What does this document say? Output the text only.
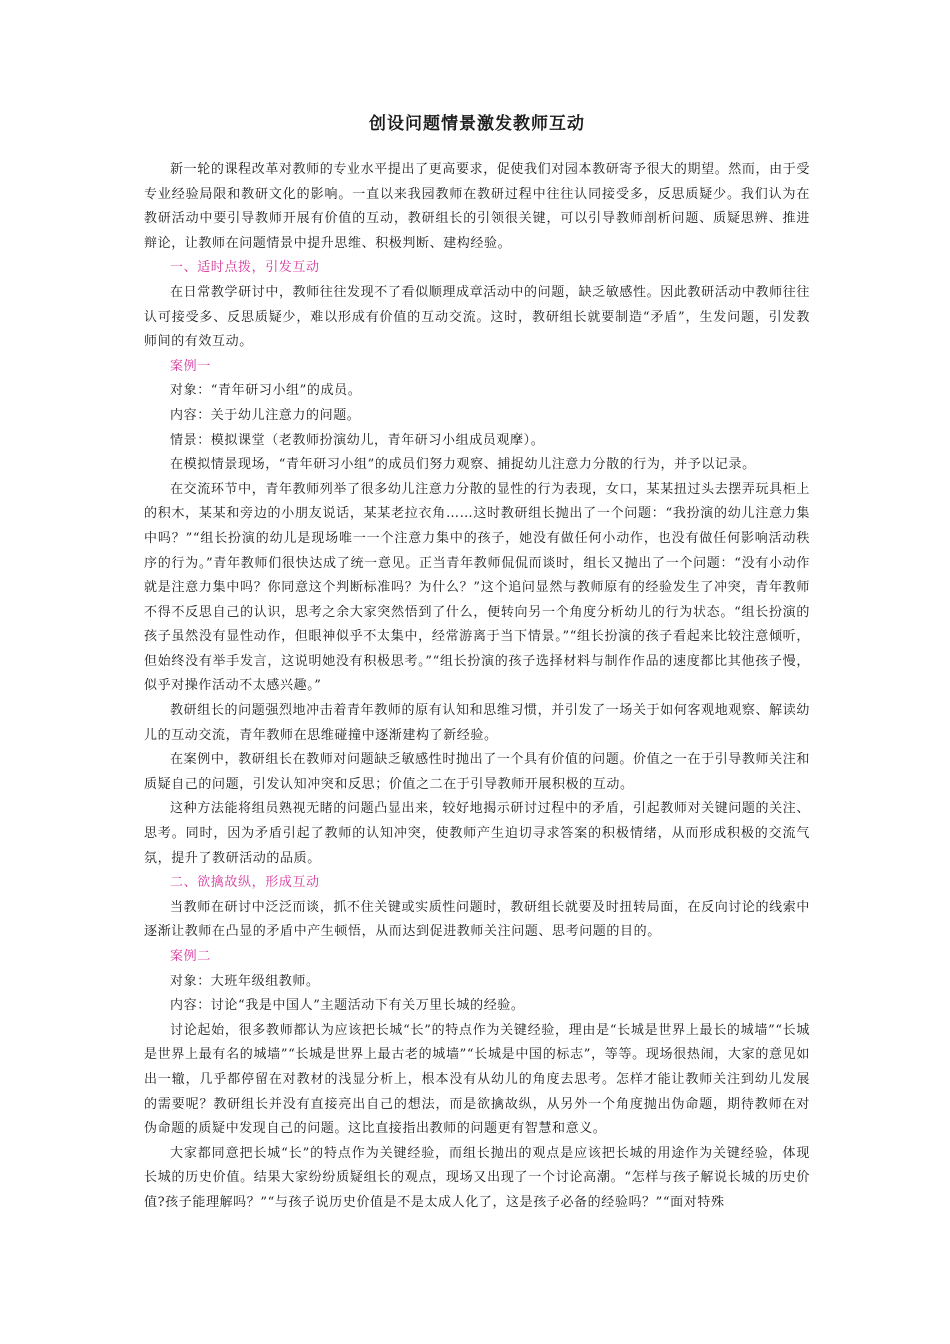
创设问题情景激发教师互动

新一轮的课程改革对教师的专业水平提出了更高要求，促使我们对园本教研寄予很大的期望。然而，由于受专业经验局限和教研文化的影响。一直以来我园教师在教研过程中往往认同接受多，反思质疑少。我们认为在教研活动中要引导教师开展有价值的互动，教研组长的引领很关键，可以引导教师剖析问题、质疑思辨、推进辩论，让教师在问题情景中提升思维、积极判断、建构经验。

一、适时点拨，引发互动

在日常教学研讨中，教师往往发现不了看似顺理成章活动中的问题，缺乏敏感性。因此教研活动中教师往往认可接受多、反思质疑少，难以形成有价值的互动交流。这时，教研组长就要制造“矛盾”，生发问题，引发教师间的有效互动。

案例一

对象：“青年研习小组”的成员。

内容：关于幼儿注意力的问题。

情景：模拟课堂（老教师扮演幼儿，青年研习小组成员观摩）。

在模拟情景现场，“青年研习小组”的成员们努力观察、捕捉幼儿注意力分散的行为，并予以记录。

在交流环节中，青年教师列举了很多幼儿注意力分散的显性的行为表现，女口，某某扭过头去摆弄玩具柜上的积木，某某和旁边的小朋友说话，某某老拉衣角……这时教研组长抛出了一个问题：“我扮演的幼儿注意力集中吗？”“组长扮演的幼儿是现场唯一一个注意力集中的孩子，她没有做任何小动作，也没有做任何影响活动秩序的行为。”青年教师们很快达成了统一意见。正当青年教师侃侃而谈时，组长又抛出了一个问题：“没有小动作就是注意力集中吗？你同意这个判断标准吗？为什么？”这个追问显然与教师原有的经验发生了冲突，青年教师不得不反思自己的认识，思考之余大家突然悟到了什么，便转向另一个角度分析幼儿的行为状态。“组长扮演的孩子虽然没有显性动作，但眼神似乎不太集中，经常游离于当下情景。”“组长扮演的孩子看起来比较注意倾听，但始终没有举手发言，这说明她没有积极思考。”“组长扮演的孩子选择材料与制作作品的速度都比其他孩子慢，似乎对操作活动不太感兴趣。”

教研组长的问题强烈地冲击着青年教师的原有认知和思维习惯，并引发了一场关于如何客观地观察、解读幼儿的互动交流，青年教师在思维碰撞中逐渐建构了新经验。

在案例中，教研组长在教师对问题缺乏敏感性时抛出了一个具有价值的问题。价值之一在于引导教师关注和质疑自己的问题，引发认知冲突和反思；价值之二在于引导教师开展积极的互动。

这种方法能将组员熟视无睹的问题凸显出来，较好地揭示研讨过程中的矛盾，引起教师对关键问题的关注、思考。同时，因为矛盾引起了教师的认知冲突，使教师产生迫切寻求答案的积极情绪，从而形成积极的交流气氛，提升了教研活动的品质。

二、欲擒故纵，形成互动

当教师在研讨中泛泛而谈，抓不住关键或实质性问题时，教研组长就要及时扭转局面，在反向讨论的线索中逐渐让教师在凸显的矛盾中产生顿悟，从而达到促进教师关注问题、思考问题的目的。

案例二

对象：大班年级组教师。

内容：讨论“我是中国人”主题活动下有关万里长城的经验。

讨论起始，很多教师都认为应该把长城“长”的特点作为关键经验，理由是“长城是世界上最长的城墙”“长城是世界上最有名的城墙”“长城是世界上最古老的城墙”“长城是中国的标志”，等等。现场很热闹，大家的意见如出一辙，几乎都停留在对教材的浅显分析上，根本没有从幼儿的角度去思考。怎样才能让教师关注到幼儿发展的需要呢？教研组长并没有直接亮出自己的想法，而是欲擒故纵，从另外一个角度抛出伪命题，期待教师在对伪命题的质疑中发现自己的问题。这比直接指出教师的问题更有智慧和意义。

大家都同意把长城“长”的特点作为关键经验，而组长抛出的观点是应该把长城的用途作为关键经验，体现长城的历史价值。结果大家纷纷质疑组长的观点，现场又出现了一个讨论高潮。“怎样与孩子解说长城的历史价值?孩子能理解吗？”“与孩子说历史价值是不是太成人化了，这是孩子必备的经验吗？”“面对特殊
